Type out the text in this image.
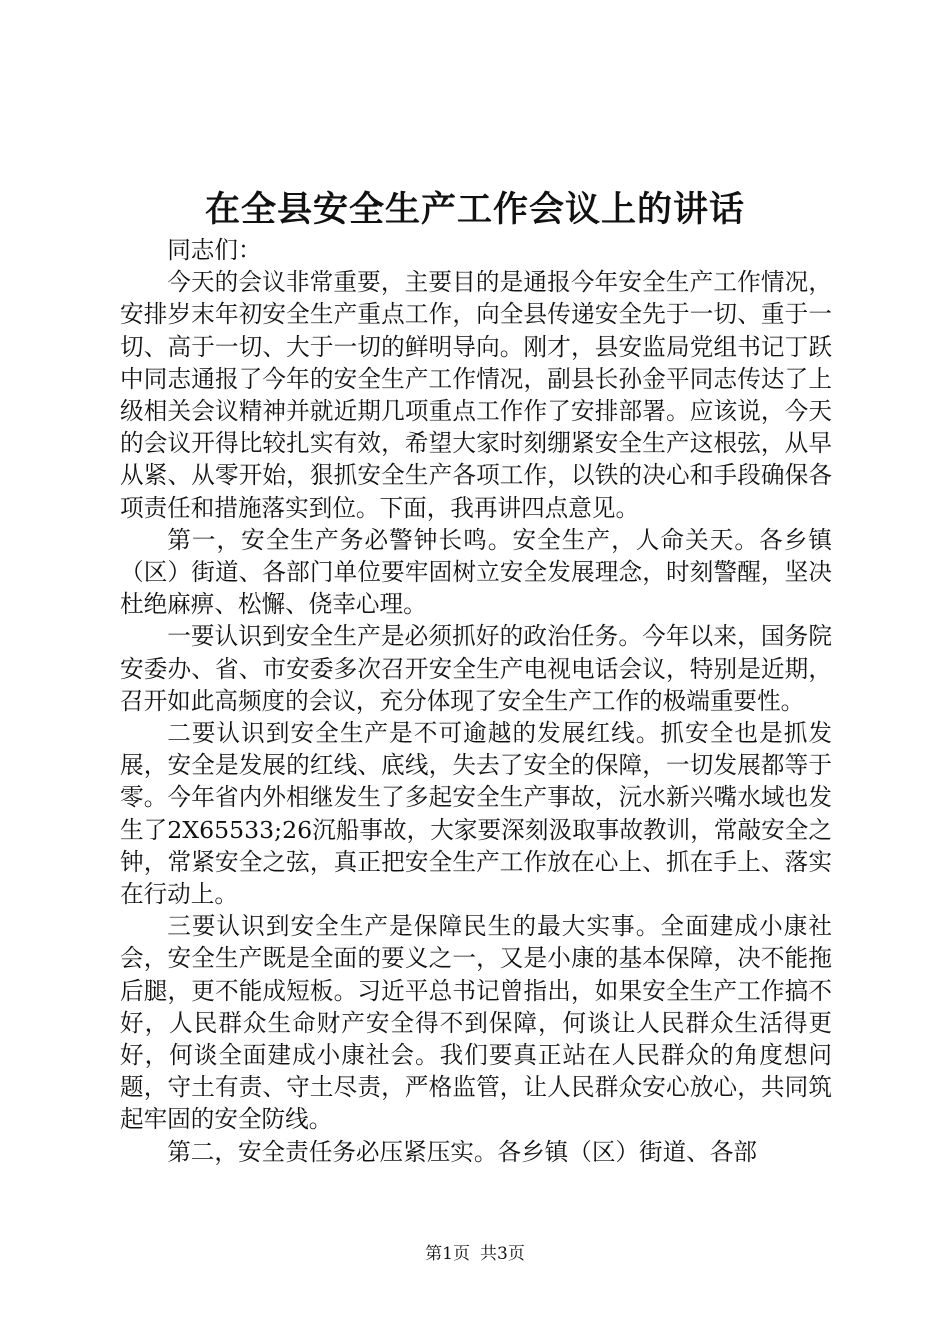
在全县安全生产工作会议上的讲话

同志们：

今天的会议非常重要，主要目的是通报今年安全生产工作情况，安排岁末年初安全生产重点工作，向全县传递安全先于一切、重于一切、高于一切、大于一切的鲜明导向。刚才，县安监局党组书记丁跃中同志通报了今年的安全生产工作情况，副县长孙金平同志传达了上级相关会议精神并就近期几项重点工作作了安排部署。应该说，今天的会议开得比较扎实有效，希望大家时刻绷紧安全生产这根弦，从早从紧、从零开始，狠抓安全生产各项工作，以铁的决心和手段确保各项责任和措施落实到位。下面，我再讲四点意见。

第一，安全生产务必警钟长鸣。安全生产，人命关天。各乡镇（区）街道、各部门单位要牢固树立安全发展理念，时刻警醒，坚决杜绝麻痹、松懈、侥幸心理。

一要认识到安全生产是必须抓好的政治任务。今年以来，国务院安委办、省、市安委多次召开安全生产电视电话会议，特别是近期，召开如此高频度的会议，充分体现了安全生产工作的极端重要性。

二要认识到安全生产是不可逾越的发展红线。抓安全也是抓发展，安全是发展的红线、底线，失去了安全的保障，一切发展都等于零。今年省内外相继发生了多起安全生产事故，沅水新兴嘴水域也发生了2X65533;26沉船事故，大家要深刻汲取事故教训，常敲安全之钟，常紧安全之弦，真正把安全生产工作放在心上、抓在手上、落实在行动上。

三要认识到安全生产是保障民生的最大实事。全面建成小康社会，安全生产既是全面的要义之一，又是小康的基本保障，决不能拖后腿，更不能成短板。习近平总书记曾指出，如果安全生产工作搞不好，人民群众生命财产安全得不到保障，何谈让人民群众生活得更好，何谈全面建成小康社会。我们要真正站在人民群众的角度想问题，守土有责、守土尽责，严格监管，让人民群众安心放心，共同筑起牢固的安全防线。

第二，安全责任务必压紧压实。各乡镇（区）街道、各部

第1页 共3页
